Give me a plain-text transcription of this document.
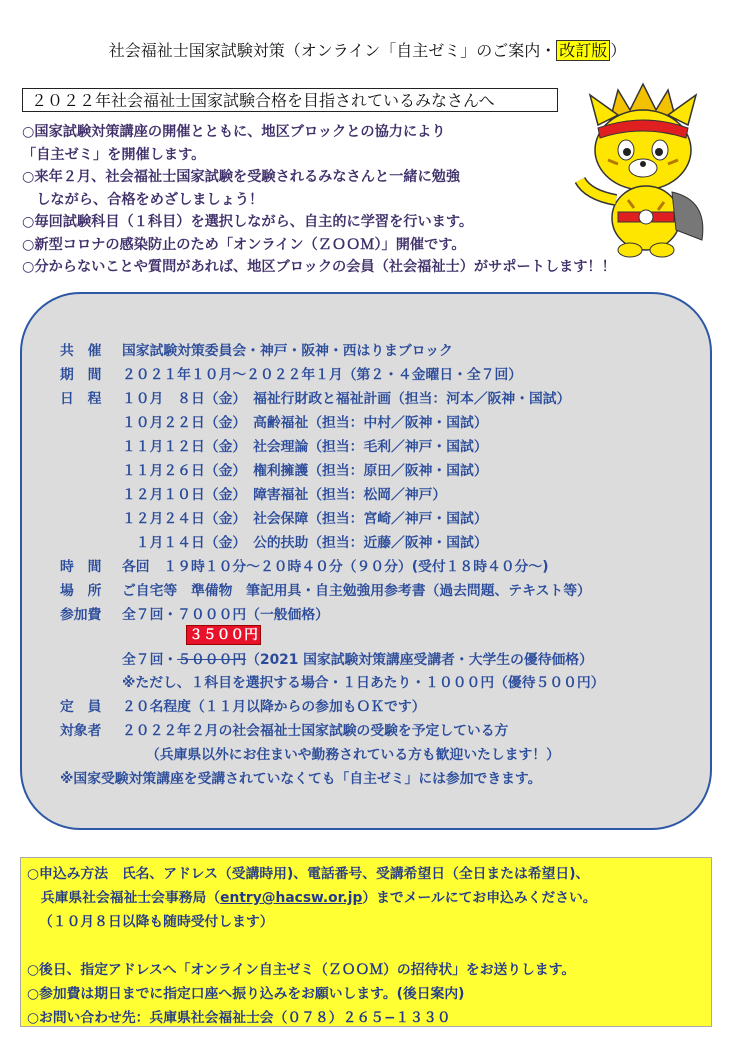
社会福祉士国家試験対策（オンライン「自主ゼミ」のご案内・ 改訂版 ）
２０２２年社会福祉士国家試験合格を目指されているみなさんへ
○国家試験対策講座の開催とともに、地区ブロックとの協力により
「自主ゼミ」を開催します。
○来年２月、社会福祉士国家試験を受験されるみなさんと一緒に勉強
　しながら、合格をめざしましょう！
○毎回試験科目（１科目）を選択しながら、自主的に学習を行います。
○新型コロナの感染防止のため「オンライン（ＺＯＯＭ）」開催です。
○分からないことや質問があれば、地区ブロックの会員（社会福祉士）がサポートします！！
共　催 国家試験対策委員会・神戸・阪神・西はりまブロック
期　間 ２０２１年１０月～２０２２年１月（第２・４金曜日・全７回）
日　程 １０月　８日（金）　福祉行財政と福祉計画（担当：河本／阪神・国試）
１０月２２日（金）　高齢福祉（担当：中村／阪神・国試）
１１月１２日（金）　社会理論（担当：毛利／神戸・国試）
１１月２６日（金）　権利擁護（担当：原田／阪神・国試）
１２月１０日（金）　障害福祉（担当：松岡／神戸）
１２月２４日（金）　社会保障（担当：宮崎／神戸・国試）
　１月１４日（金）　公的扶助（担当：近藤／阪神・国試）
時　間 各回　１９時１０分～２０時４０分（９０分）(受付１８時４０分～)
場　所 ご自宅等　準備物　筆記用具・自主勉強用参考書（過去問題、テキスト等）
参加費 全７回・７０００円（一般価格）
３５００円
全７回・５０００円（2021 国家試験対策講座受講者・大学生の優待価格）
※ただし、１科目を選択する場合・１日あたり・１０００円（優待５００円）
定　員 ２０名程度（１１月以降からの参加もＯＫです）
対象者 ２０２２年２月の社会福祉士国家試験の受験を予定している方
（兵庫県以外にお住まいや勤務されている方も歓迎いたします！）
※国家受験対策講座を受講されていなくても「自主ゼミ」には参加できます。
○申込み方法　氏名、アドレス（受講時用)、電話番号、受講希望日（全日または希望日)、
　兵庫県社会福祉士会事務局（entry@hacsw.or.jp）までメールにてお申込みください。
（１０月８日以降も随時受付します）
○後日、指定アドレスへ「オンライン自主ゼミ（ＺＯＯＭ）の招待状」をお送りします。
○参加費は期日までに指定口座へ振り込みをお願いします。(後日案内)
○お問い合わせ先：兵庫県社会福祉士会（０７８）２６５−１３３０
